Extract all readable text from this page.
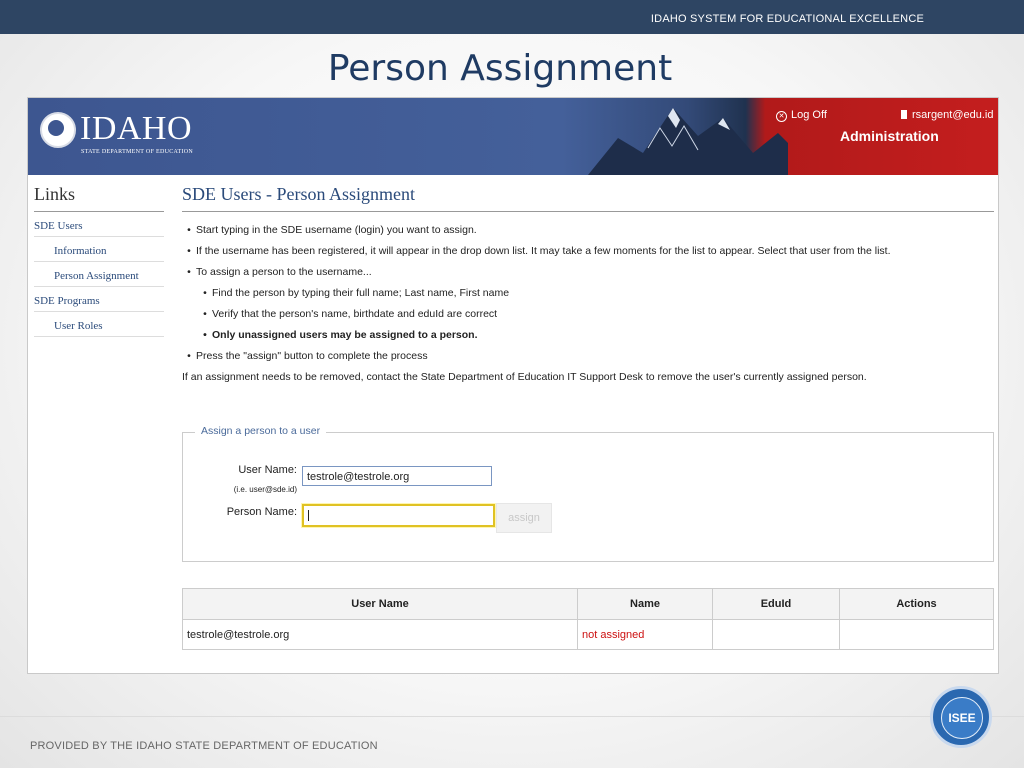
IDAHO SYSTEM FOR EDUCATIONAL EXCELLENCE
Person Assignment
IDAHO
STATE DEPARTMENT OF EDUCATION
✕ Log Off	rsargent@edu.id
Administration
Links
SDE Users
Information
Person Assignment
SDE Programs
User Roles
SDE Users - Person Assignment
• Start typing in the SDE username (login) you want to assign.
• If the username has been registered, it will appear in the drop down list. It may take a few moments for the list to appear. Select that user from the list.
• To assign a person to the username...
• Find the person by typing their full name; Last name, First name
• Verify that the person's name, birthdate and eduId are correct
• Only unassigned users may be assigned to a person.
• Press the "assign" button to complete the process
If an assignment needs to be removed, contact the State Department of Education IT Support Desk to remove the user's currently assigned person.
Assign a person to a user
User Name:
(i.e. user@sde.id)
testrole@testrole.org
Person Name:	assign
User Name	Name	EduId	Actions
testrole@testrole.org	not assigned		
PROVIDED BY THE IDAHO STATE DEPARTMENT OF EDUCATION
ISEE
